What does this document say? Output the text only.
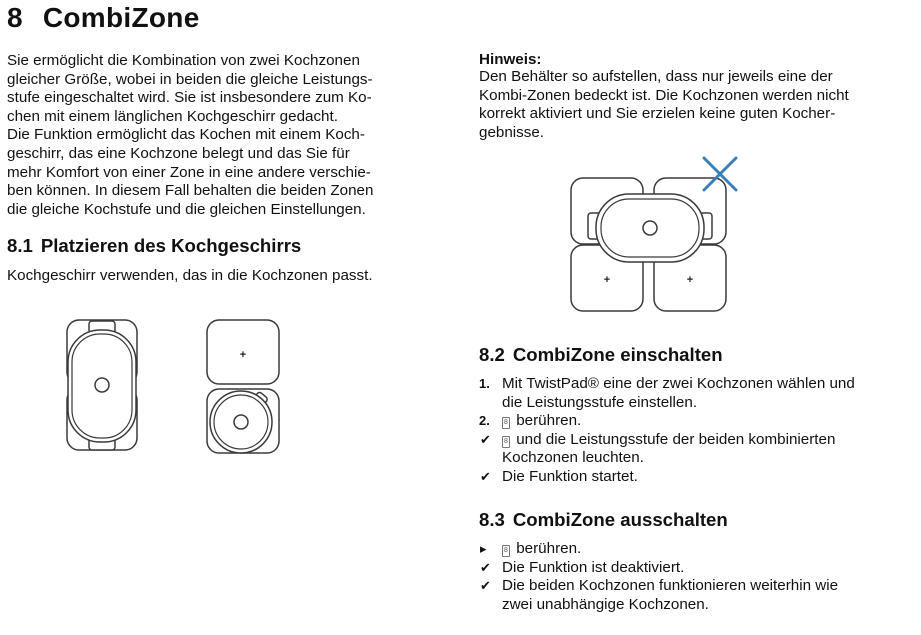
8 CombiZone

Sie ermöglicht die Kombination von zwei Kochzonen
gleicher Größe, wobei in beiden die gleiche Leistungs-
stufe eingeschaltet wird. Sie ist insbesondere zum Ko-
chen mit einem länglichen Kochgeschirr gedacht.
Die Funktion ermöglicht das Kochen mit einem Koch-
geschirr, das eine Kochzone belegt und das Sie für
mehr Komfort von einer Zone in eine andere verschie-
ben können. In diesem Fall behalten die beiden Zonen
die gleiche Kochstufe und die gleichen Einstellungen.

8.1 Platzieren des Kochgeschirrs

Kochgeschirr verwenden, das in die Kochzonen passt.

+

Hinweis:

Den Behälter so aufstellen, dass nur jeweils eine der
Kombi-Zonen bedeckt ist. Die Kochzonen werden nicht
korrekt aktiviert und Sie erzielen keine guten Kocher-
gebnisse.

+	+
8.2 CombiZone einschalten
1. Mit TwistPad® eine der zwei Kochzonen wählen und
die Leistungsstufe einstellen.
2. 8 berühren.
✔ 8 und die Leistungsstufe der beiden kombinierten
Kochzonen leuchten.
✔ Die Funktion startet.
8.3 CombiZone ausschalten
▸	8 berühren.
✔ Die Funktion ist deaktiviert.
✔ Die beiden Kochzonen funktionieren weiterhin wie
zwei unabhängige Kochzonen.
